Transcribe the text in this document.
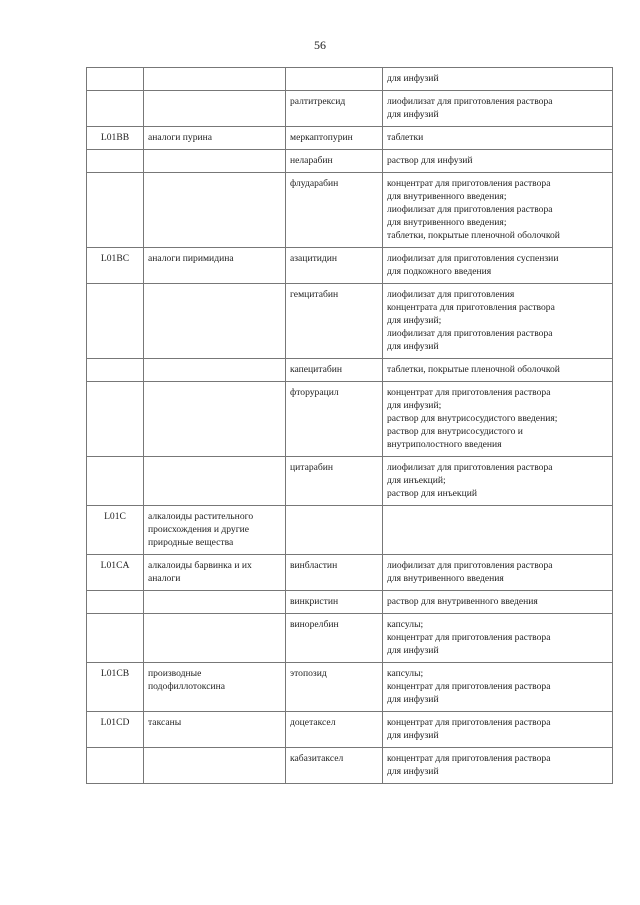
56

			для инфузий

		ралтитрексид	лиофилизат для приготовления раствора
для инфузий

L01BB	аналоги пурина	меркаптопурин	таблетки

		неларабин	раствор для инфузий

		флударабин	концентрат для приготовления раствора
для внутривенного введения;
лиофилизат для приготовления раствора
для внутривенного введения;
таблетки, покрытые пленочной оболочкой

L01BC	аналоги пиримидина	азацитидин	лиофилизат для приготовления суспензии
для подкожного введения

		гемцитабин	лиофилизат для приготовления
концентрата для приготовления раствора
для инфузий;
лиофилизат для приготовления раствора
для инфузий

		капецитабин	таблетки, покрытые пленочной оболочкой

		фторурацил	концентрат для приготовления раствора
для инфузий;
раствор для внутрисосудистого введения;
раствор для внутрисосудистого и
внутриполостного введения

		цитарабин	лиофилизат для приготовления раствора
для инъекций;
раствор для инъекций

L01C	алкалоиды растительного
происхождения и другие
природные вещества		

L01CA	алкалоиды барвинка и их
аналоги	винбластин	лиофилизат для приготовления раствора
для внутривенного введения

		винкристин	раствор для внутривенного введения

		винорелбин	капсулы;
концентрат для приготовления раствора
для инфузий

L01CB	производные
подофиллотоксина	этопозид	капсулы;
концентрат для приготовления раствора
для инфузий

L01CD	таксаны	доцетаксел	концентрат для приготовления раствора
для инфузий

		кабазитаксел	концентрат для приготовления раствора
для инфузий
